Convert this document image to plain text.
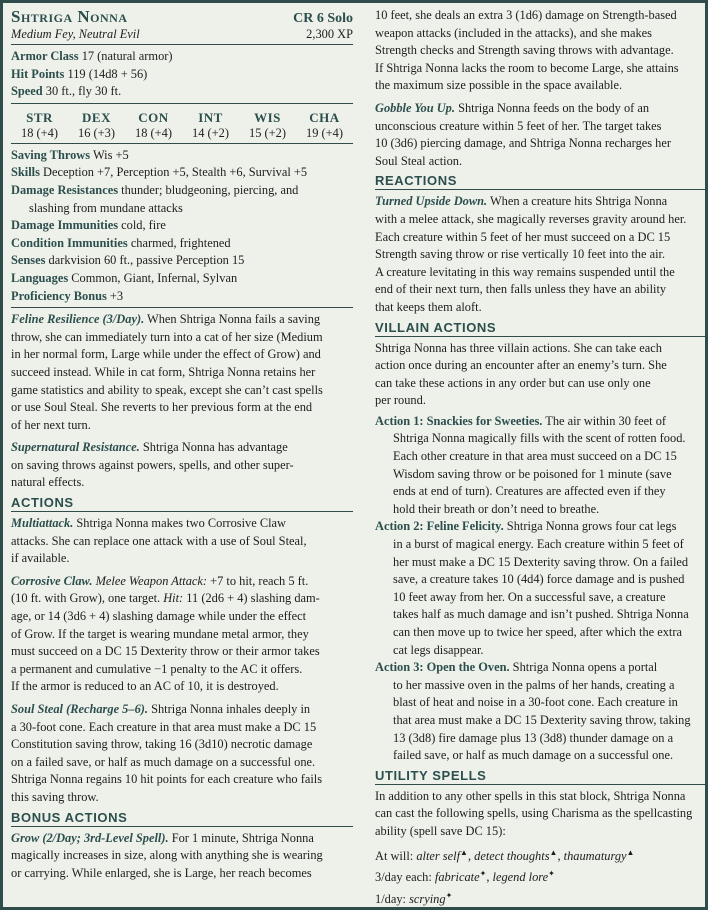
Shtriga Nonna	CR 6 Solo
Medium Fey, Neutral Evil	2,300 XP
Armor Class 17 (natural armor)
Hit Points 119 (14d8 + 56)
Speed 30 ft., fly 30 ft.
STR
18 (+4)
DEX
16 (+3)
CON
18 (+4)
INT
14 (+2)
WIS
15 (+2)
CHA
19 (+4)
Saving Throws Wis +5
Skills Deception +7, Perception +5, Stealth +6, Survival +5
Damage Resistances thunder; bludgeoning, piercing, and
slashing from mundane attacks
Damage Immunities cold, fire
Condition Immunities charmed, frightened
Senses darkvision 60 ft., passive Perception 15
Languages Common, Giant, Infernal, Sylvan
Proficiency Bonus +3
Feline Resilience (3/Day). When Shtriga Nonna fails a saving
throw, she can immediately turn into a cat of her size (Medium
in her normal form, Large while under the effect of Grow) and
succeed instead. While in cat form, Shtriga Nonna retains her
game statistics and ability to speak, except she can’t cast spells
or use Soul Steal. She reverts to her previous form at the end
of her next turn.
Supernatural Resistance. Shtriga Nonna has advantage
on saving throws against powers, spells, and other super-
natural effects.
ACTIONS
Multiattack. Shtriga Nonna makes two Corrosive Claw
attacks. She can replace one attack with a use of Soul Steal,
if available.
Corrosive Claw. Melee Weapon Attack: +7 to hit, reach 5 ft.
(10 ft. with Grow), one target. Hit: 11 (2d6 + 4) slashing dam-
age, or 14 (3d6 + 4) slashing damage while under the effect
of Grow. If the target is wearing mundane metal armor, they
must succeed on a DC 15 Dexterity throw or their armor takes
a permanent and cumulative −1 penalty to the AC it offers.
If the armor is reduced to an AC of 10, it is destroyed.
Soul Steal (Recharge 5–6). Shtriga Nonna inhales deeply in
a 30-foot cone. Each creature in that area must make a DC 15
Constitution saving throw, taking 16 (3d10) necrotic damage
on a failed save, or half as much damage on a successful one.
Shtriga Nonna regains 10 hit points for each creature who fails
this saving throw.
BONUS ACTIONS
Grow (2/Day; 3rd-Level Spell). For 1 minute, Shtriga Nonna
magically increases in size, along with anything she is wearing
or carrying. While enlarged, she is Large, her reach becomes
10 feet, she deals an extra 3 (1d6) damage on Strength-based
weapon attacks (included in the attacks), and she makes
Strength checks and Strength saving throws with advantage.
If Shtriga Nonna lacks the room to become Large, she attains
the maximum size possible in the space available.
Gobble You Up. Shtriga Nonna feeds on the body of an
unconscious creature within 5 feet of her. The target takes
10 (3d6) piercing damage, and Shtriga Nonna recharges her
Soul Steal action.
REACTIONS
Turned Upside Down. When a creature hits Shtriga Nonna
with a melee attack, she magically reverses gravity around her.
Each creature within 5 feet of her must succeed on a DC 15
Strength saving throw or rise vertically 10 feet into the air.
A creature levitating in this way remains suspended until the
end of their next turn, then falls unless they have an ability
that keeps them aloft.
VILLAIN ACTIONS
Shtriga Nonna has three villain actions. She can take each
action once during an encounter after an enemy’s turn. She
can take these actions in any order but can use only one
per round.
Action 1: Snackies for Sweeties. The air within 30 feet of
Shtriga Nonna magically fills with the scent of rotten food.
Each other creature in that area must succeed on a DC 15
Wisdom saving throw or be poisoned for 1 minute (save
ends at end of turn). Creatures are affected even if they
hold their breath or don’t need to breathe.
Action 2: Feline Felicity. Shtriga Nonna grows four cat legs
in a burst of magical energy. Each creature within 5 feet of
her must make a DC 15 Dexterity saving throw. On a failed
save, a creature takes 10 (4d4) force damage and is pushed
10 feet away from her. On a successful save, a creature
takes half as much damage and isn’t pushed. Shtriga Nonna
can then move up to twice her speed, after which the extra
cat legs disappear.
Action 3: Open the Oven. Shtriga Nonna opens a portal
to her massive oven in the palms of her hands, creating a
blast of heat and noise in a 30-foot cone. Each creature in
that area must make a DC 15 Dexterity saving throw, taking
13 (3d8) fire damage plus 13 (3d8) thunder damage on a
failed save, or half as much damage on a successful one.
UTILITY SPELLS
In addition to any other spells in this stat block, Shtriga Nonna
can cast the following spells, using Charisma as the spellcasting
ability (spell save DC 15):
At will: alter self▲, detect thoughts▲, thaumaturgy▲
3/day each: fabricate✦, legend lore✦
1/day: scrying✦
